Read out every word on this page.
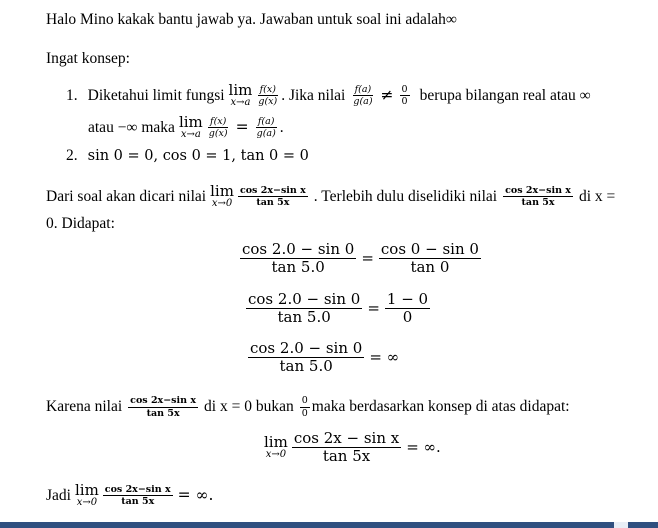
Halo Mino kakak bantu jawab ya. Jawaban untuk soal ini adalah∞
Ingat konsep:
1. Diketahui limit fungsi lim
$x\to a \frac{f(x)}{g(x)}$ . Jika nilai $\frac{f(a)}{g(a)} \ne \frac{0}{0}$ berupa bilangan real atau ∞
atau −∞ maka lim
$x\to a \frac{f(x)}{g(x)} = \frac{f(a)}{g(a)}$ .
2. sin 0 = 0, cos 0 = 1, tan 0 = 0
Dari soal akan dicari nilai lim
$x\to 0 \frac{\text{cos 2x−sin x}}{\tan 5x}$ . Terlebih dulu diselidiki nilai $\frac{\text{cos 2x−sin x}}{\tan 5x}$ di x =
0. Didapat:
$\frac{\cos 2.0 - \sin 0}{\tan 5.0} = \frac{\cos 0 - \sin 0}{\tan 0}$
$\frac{\cos 2.0 - \sin 0}{\tan 5.0} = \frac{1 - 0}{0}$
$\frac{\cos 2.0 - \sin 0}{\tan 5.0}$ = ∞
Karena nilai $\frac{\text{cos 2x−sin x}}{\tan 5x}$ di x = 0 bukan $\frac{0}{0}$ maka berdasarkan konsep di atas didapat:
lim
$x\to 0 \frac{\text{cos 2x − sin x}}{\tan 5x}$ = ∞.
Jadi lim
$x\to 0 \frac{\text{cos 2x−sin x}}{\tan 5x}$ = ∞.
